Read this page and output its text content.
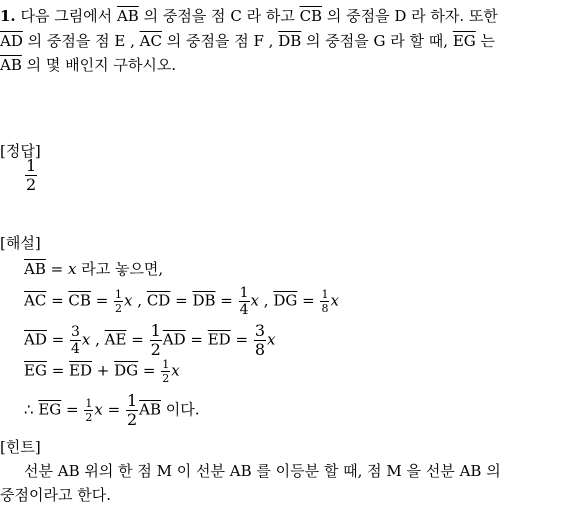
1. 다음 그림에서 $\overline{AB}$ 의 중점을 점 C 라 하고 $\overline{CB}$ 의 중점을 D 라 하자. 또한
$\overline{AD}$ 의 중점을 점 E , $\overline{AC}$ 의 중점을 점 F , $\overline{DB}$ 의 중점을 G 라 할 때, $\overline{EG}$ 는
$\overline{AB}$ 의 몇 배인지 구하시오.
[정답]
$\frac{1}{2}$
[해설]
$\overline{AB} = x$ 라고 놓으면,
$\overline{AC} = \overline{CB} = \frac{1}{2}$ x , $\overline{CD} = \overline{DB} = \frac{1}{4}$ x , $\overline{DG} = \frac{1}{8}$ x
$\overline{AD} = \frac{3}{4}$ x , $\overline{AE} = \frac{1}{2} \overline{AD} = \overline{ED} = \frac{3}{8}$ x
$\overline{EG} = \overline{ED} + \overline{DG} = \frac{1}{2}$ x
∴ $\overline{EG} = \frac{1}{2}$ $x = \frac{1}{2} \overline{AB}$ 이다.
[힌트]
선분 AB 위의 한 점 M 이 선분 AB 를 이등분 할 때, 점 M 을 선분 AB 의
중점이라고 한다.
